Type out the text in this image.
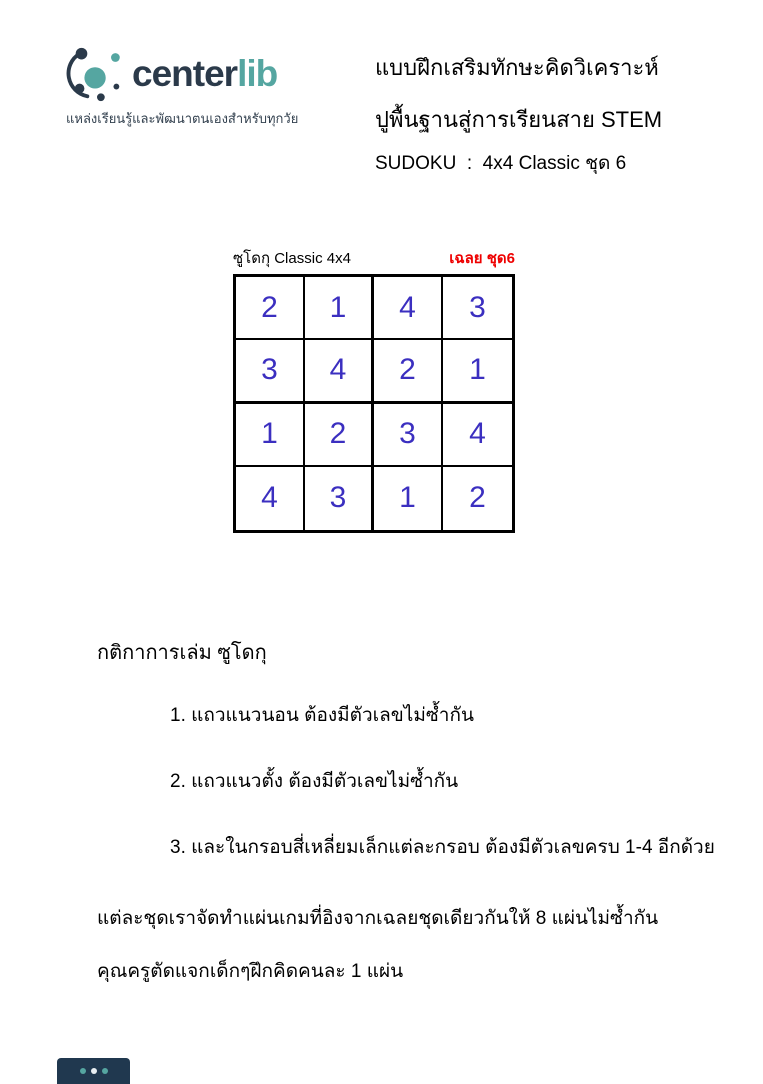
centerlib
แหล่งเรียนรู้และพัฒนาตนเองสำหรับทุกวัย
แบบฝึกเสริมทักษะคิดวิเคราะห์
ปูพื้นฐานสู่การเรียนสาย STEM
SUDOKU  :  4x4 Classic ชุด 6
ซูโดกุ Classic 4x4	เฉลย ชุด6
2	1	4	3
3	4	2	1
1	2	3	4
4	3	1	2
กติกาการเล่ม ซูโดกุ
1. แถวแนวนอน ต้องมีตัวเลขไม่ซ้ำกัน
2. แถวแนวตั้ง ต้องมีตัวเลขไม่ซ้ำกัน
3. และในกรอบสี่เหลี่ยมเล็กแต่ละกรอบ ต้องมีตัวเลขครบ 1-4 อีกด้วย
แต่ละชุดเราจัดทำแผ่นเกมที่อิงจากเฉลยชุดเดียวกันให้ 8 แผ่นไม่ซ้ำกัน
คุณครูตัดแจกเด็กๆฝึกคิดคนละ 1 แผ่น
